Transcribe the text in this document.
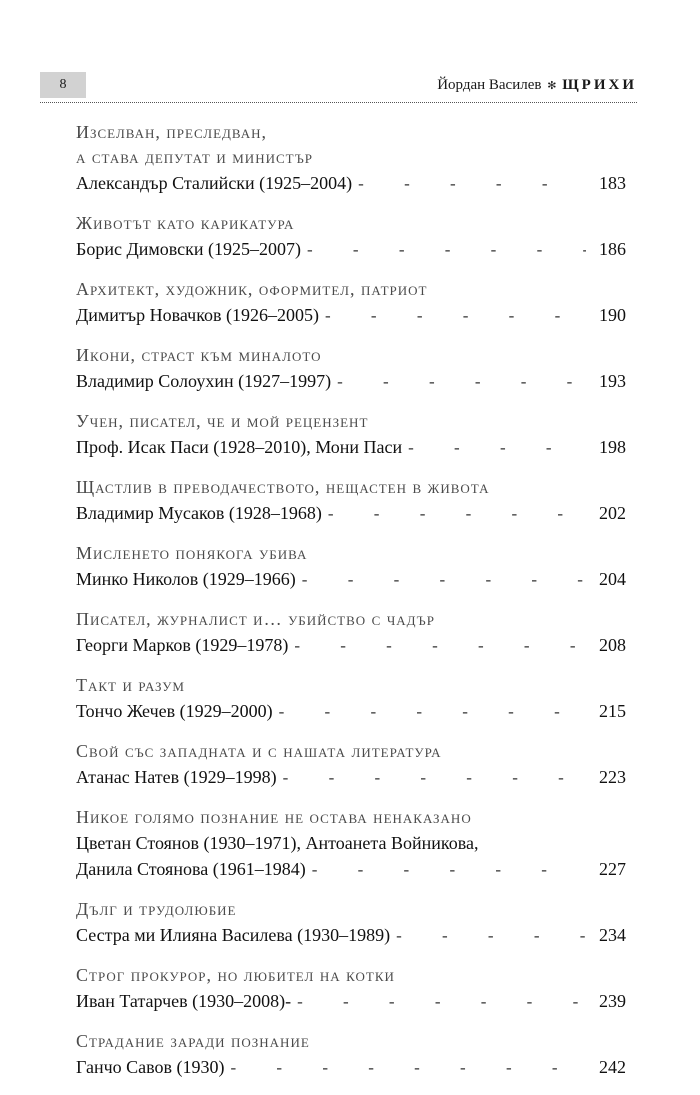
8	Йордан Василев ✻ ЩРИХИ
Изселван, преследван,
а става депутат и министър
Александър Сталийски (1925–2004) - - -	183
Животът като карикатура
Борис Димовски (1925–2007) - - -	186
Архитект, художник, оформител, патриот
Димитър Новачков (1926–2005) - - -	190
Икони, страст към миналото
Владимир Солоухин (1927–1997) - - -	193
Учен, писател, че и мой рецензент
Проф. Исак Паси (1928–2010), Мони Паси - - -	198
Щастлив в преводачеството, нещастен в живота
Владимир Мусаков (1928–1968) - - -	202
Мисленето понякога убива
Минко Николов (1929–1966) - - -	204
Писател, журналист и… убийство с чадър
Георги Марков (1929–1978) - - -	208
Такт и разум
Тончо Жечев (1929–2000) - - -	215
Свой със западната и с нашата литература
Атанас Натев (1929–1998) - - -	223
Никое голямо познание не остава ненаказано
Цветан Стоянов (1930–1971), Антоанета Войникова,
Данила Стоянова (1961–1984) - - -	227
Дълг и трудолюбие
Сестра ми Илияна Василева (1930–1989) - - -	234
Строг прокурор, но любител на котки
Иван Татарчев (1930–2008)- - - -	239
Страдание заради познание
Ганчо Савов (1930) - - -	242
